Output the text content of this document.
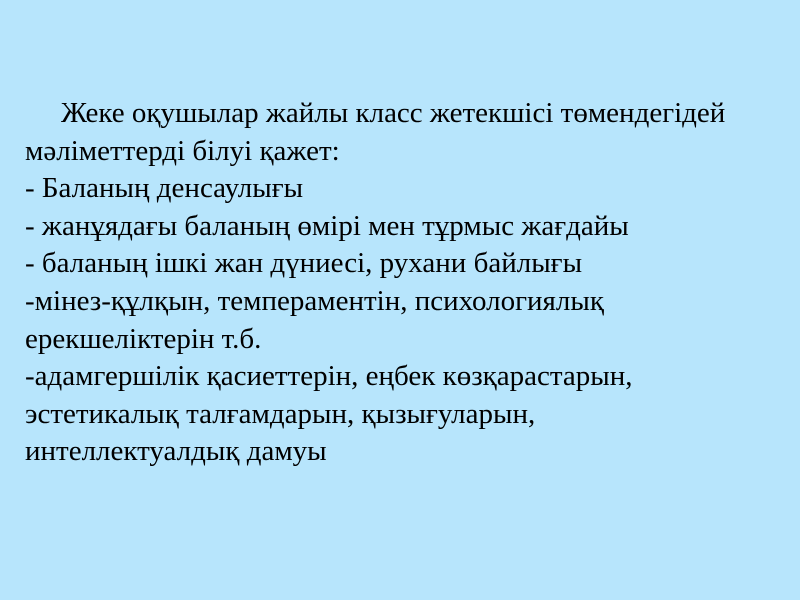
Жеке оқушылар жайлы класс жетекшісі төмендегідей
мәліметтерді білуі қажет:
- Баланың денсаулығы
- жанұядағы баланың өмірі мен тұрмыс жағдайы
- баланың ішкі жан дүниесі, рухани байлығы
-мінез-құлқын, темпераментін, психологиялық
ерекшеліктерін т.б.
-адамгершілік қасиеттерін, еңбек көзқарастарын,
эстетикалық талғамдарын, қызығуларын,
интеллектуалдық дамуы
